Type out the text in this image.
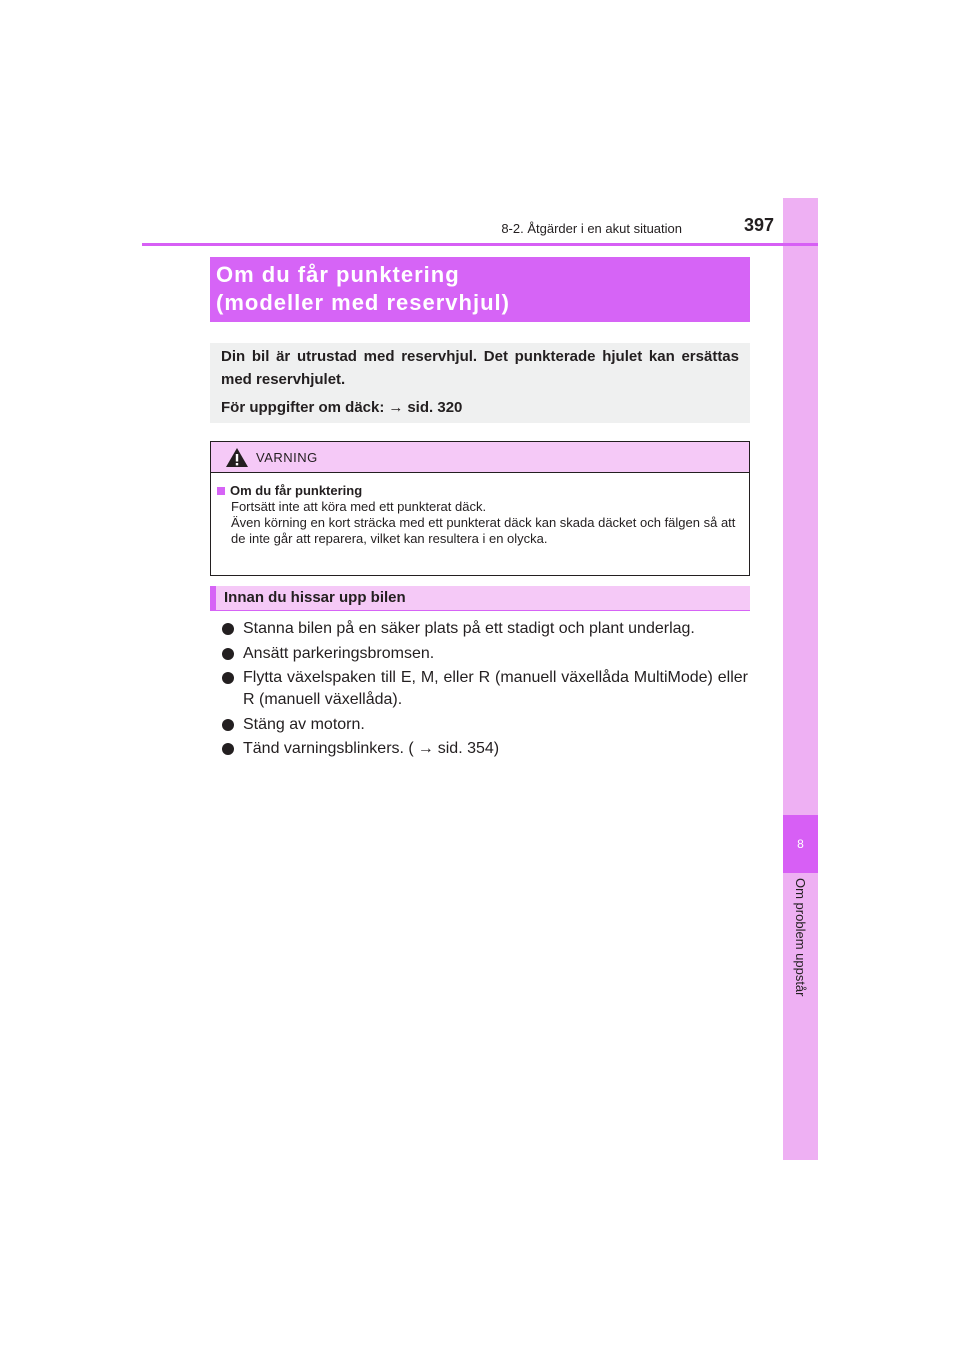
8
Om problem uppstår
8-2. Åtgärder i en akut situation	397
Om du får punktering
(modeller med reservhjul)

Din bil är utrustad med reservhjul. Det punkterade hjulet kan ersättas med reservhjulet.

För uppgifter om däck: → sid. 320

VARNING
Om du får punktering
Fortsätt inte att köra med ett punkterat däck.
Även körning en kort sträcka med ett punkterat däck kan skada däcket och fälgen så att de inte går att reparera, vilket kan resultera i en olycka.
Innan du hissar upp bilen
Stanna bilen på en säker plats på ett stadigt och plant underlag.
Ansätt parkeringsbromsen.
Flytta växelspaken till E, M, eller R (manuell växellåda MultiMode) eller R (manuell växellåda).
Stäng av motorn.
Tänd varningsblinkers. ( → sid. 354)
